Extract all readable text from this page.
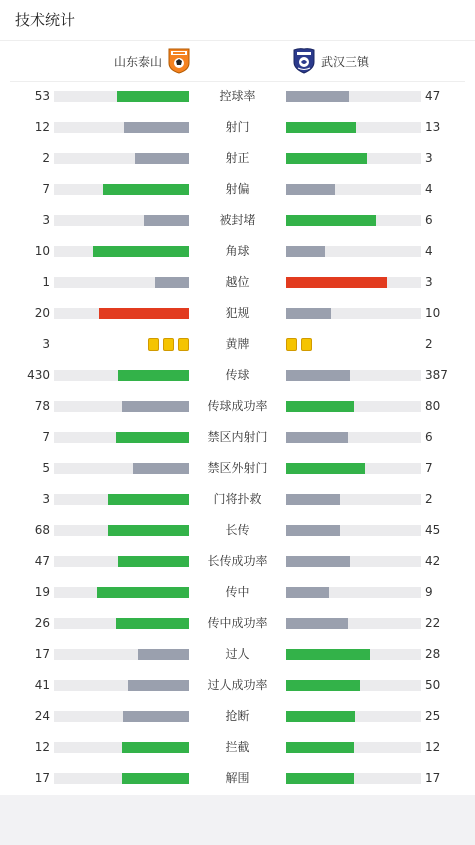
技术统计
山东泰山	武汉三镇
53	控球率	47
12	射门	13
2	射正	3
7	射偏	4
3	被封堵	6
10	角球	4
1	越位	3
20	犯规	10
3	黄牌	2
430	传球	387
78	传球成功率	80
7	禁区内射门	6
5	禁区外射门	7
3	门将扑救	2
68	长传	45
47	长传成功率	42
19	传中	9
26	传中成功率	22
17	过人	28
41	过人成功率	50
24	抢断	25
12	拦截	12
17	解围	17
